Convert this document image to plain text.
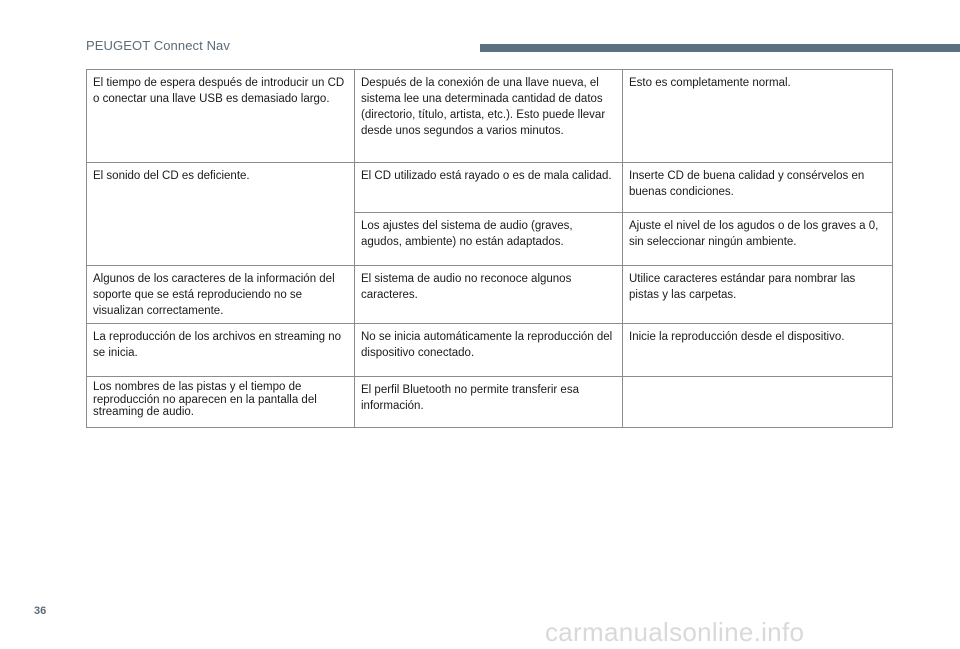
PEUGEOT Connect Nav
El tiempo de espera después de introducir un CD o conectar una llave USB es demasiado largo.	Después de la conexión de una llave nueva, el sistema lee una determinada cantidad de datos (directorio, título, artista, etc.). Esto puede llevar desde unos segundos a varios minutos.	Esto es completamente normal.
El sonido del CD es deficiente.	El CD utilizado está rayado o es de mala calidad.	Inserte CD de buena calidad y consérvelos en buenas condiciones.
	Los ajustes del sistema de audio (graves, agudos, ambiente) no están adaptados.	Ajuste el nivel de los agudos o de los graves a 0, sin seleccionar ningún ambiente.
Algunos de los caracteres de la información del soporte que se está reproduciendo no se visualizan correctamente.	El sistema de audio no reconoce algunos caracteres.	Utilice caracteres estándar para nombrar las pistas y las carpetas.
La reproducción de los archivos en streaming no se inicia.	No se inicia automáticamente la reproducción del dispositivo conectado.	Inicie la reproducción desde el dispositivo.
Los nombres de las pistas y el tiempo de reproducción no aparecen en la pantalla del streaming de audio.	El perfil Bluetooth no permite transferir esa información.	
36
carmanualsonline.info
